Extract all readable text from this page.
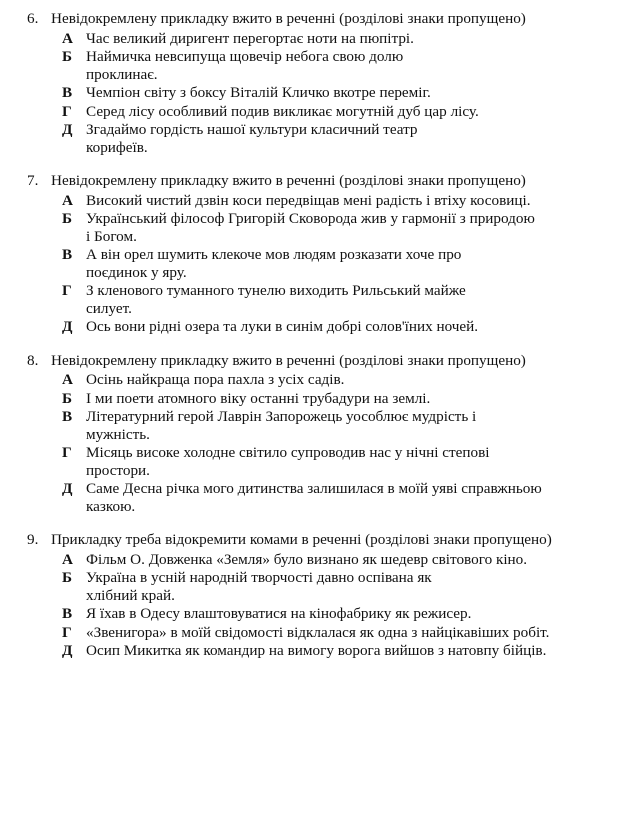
6. Невідокремлену прикладку вжито в реченні (розділові знаки пропущено)
А Час великий диригент перегортає ноти на пюпітрі.
Б Наймичка невсипуща щовечір небога свою долю проклинає.
В Чемпіон світу з боксу Віталій Кличко вкотре переміг.
Г Серед лісу особливий подив викликає могутній дуб цар лісу.
Д Згадаймо гордість нашої культури класичний театр корифеїв.
7. Невідокремлену прикладку вжито в реченні (розділові знаки пропущено)
А Високий чистий дзвін коси передвіщав мені радість і втіху косовиці.
Б Український філософ Григорій Сковорода жив у гармонії з природою і Богом.
В А він орел шумить клекоче мов людям розказати хоче про поєдинок у яру.
Г З кленового туманного тунелю виходить Рильський майже силует.
Д Ось вони рідні озера та луки в синім добрі солов'їних ночей.
8. Невідокремлену прикладку вжито в реченні (розділові знаки пропущено)
А Осінь найкраща пора пахла з усіх садів.
Б І ми поети атомного віку останні трубадури на землі.
В Літературний герой Лаврін Запорожець уособлює мудрість і мужність.
Г Місяць високе холодне світило супроводив нас у нічні степові простори.
Д Саме Десна річка мого дитинства залишилася в моїй уяві справжньою казкою.
9. Прикладку треба відокремити комами в реченні (розділові знаки пропущено)
А Фільм О. Довженка «Земля» було визнано як шедевр світового кіно.
Б Україна в усній народній творчості давно оспівана як хлібний край.
В Я їхав в Одесу влаштовуватися на кінофабрику як режисер.
Г «Звенигора» в моїй свідомості відклалася як одна з найцікавіших робіт.
Д Осип Микитка як командир на вимогу ворога вийшов з натовпу бійців.
